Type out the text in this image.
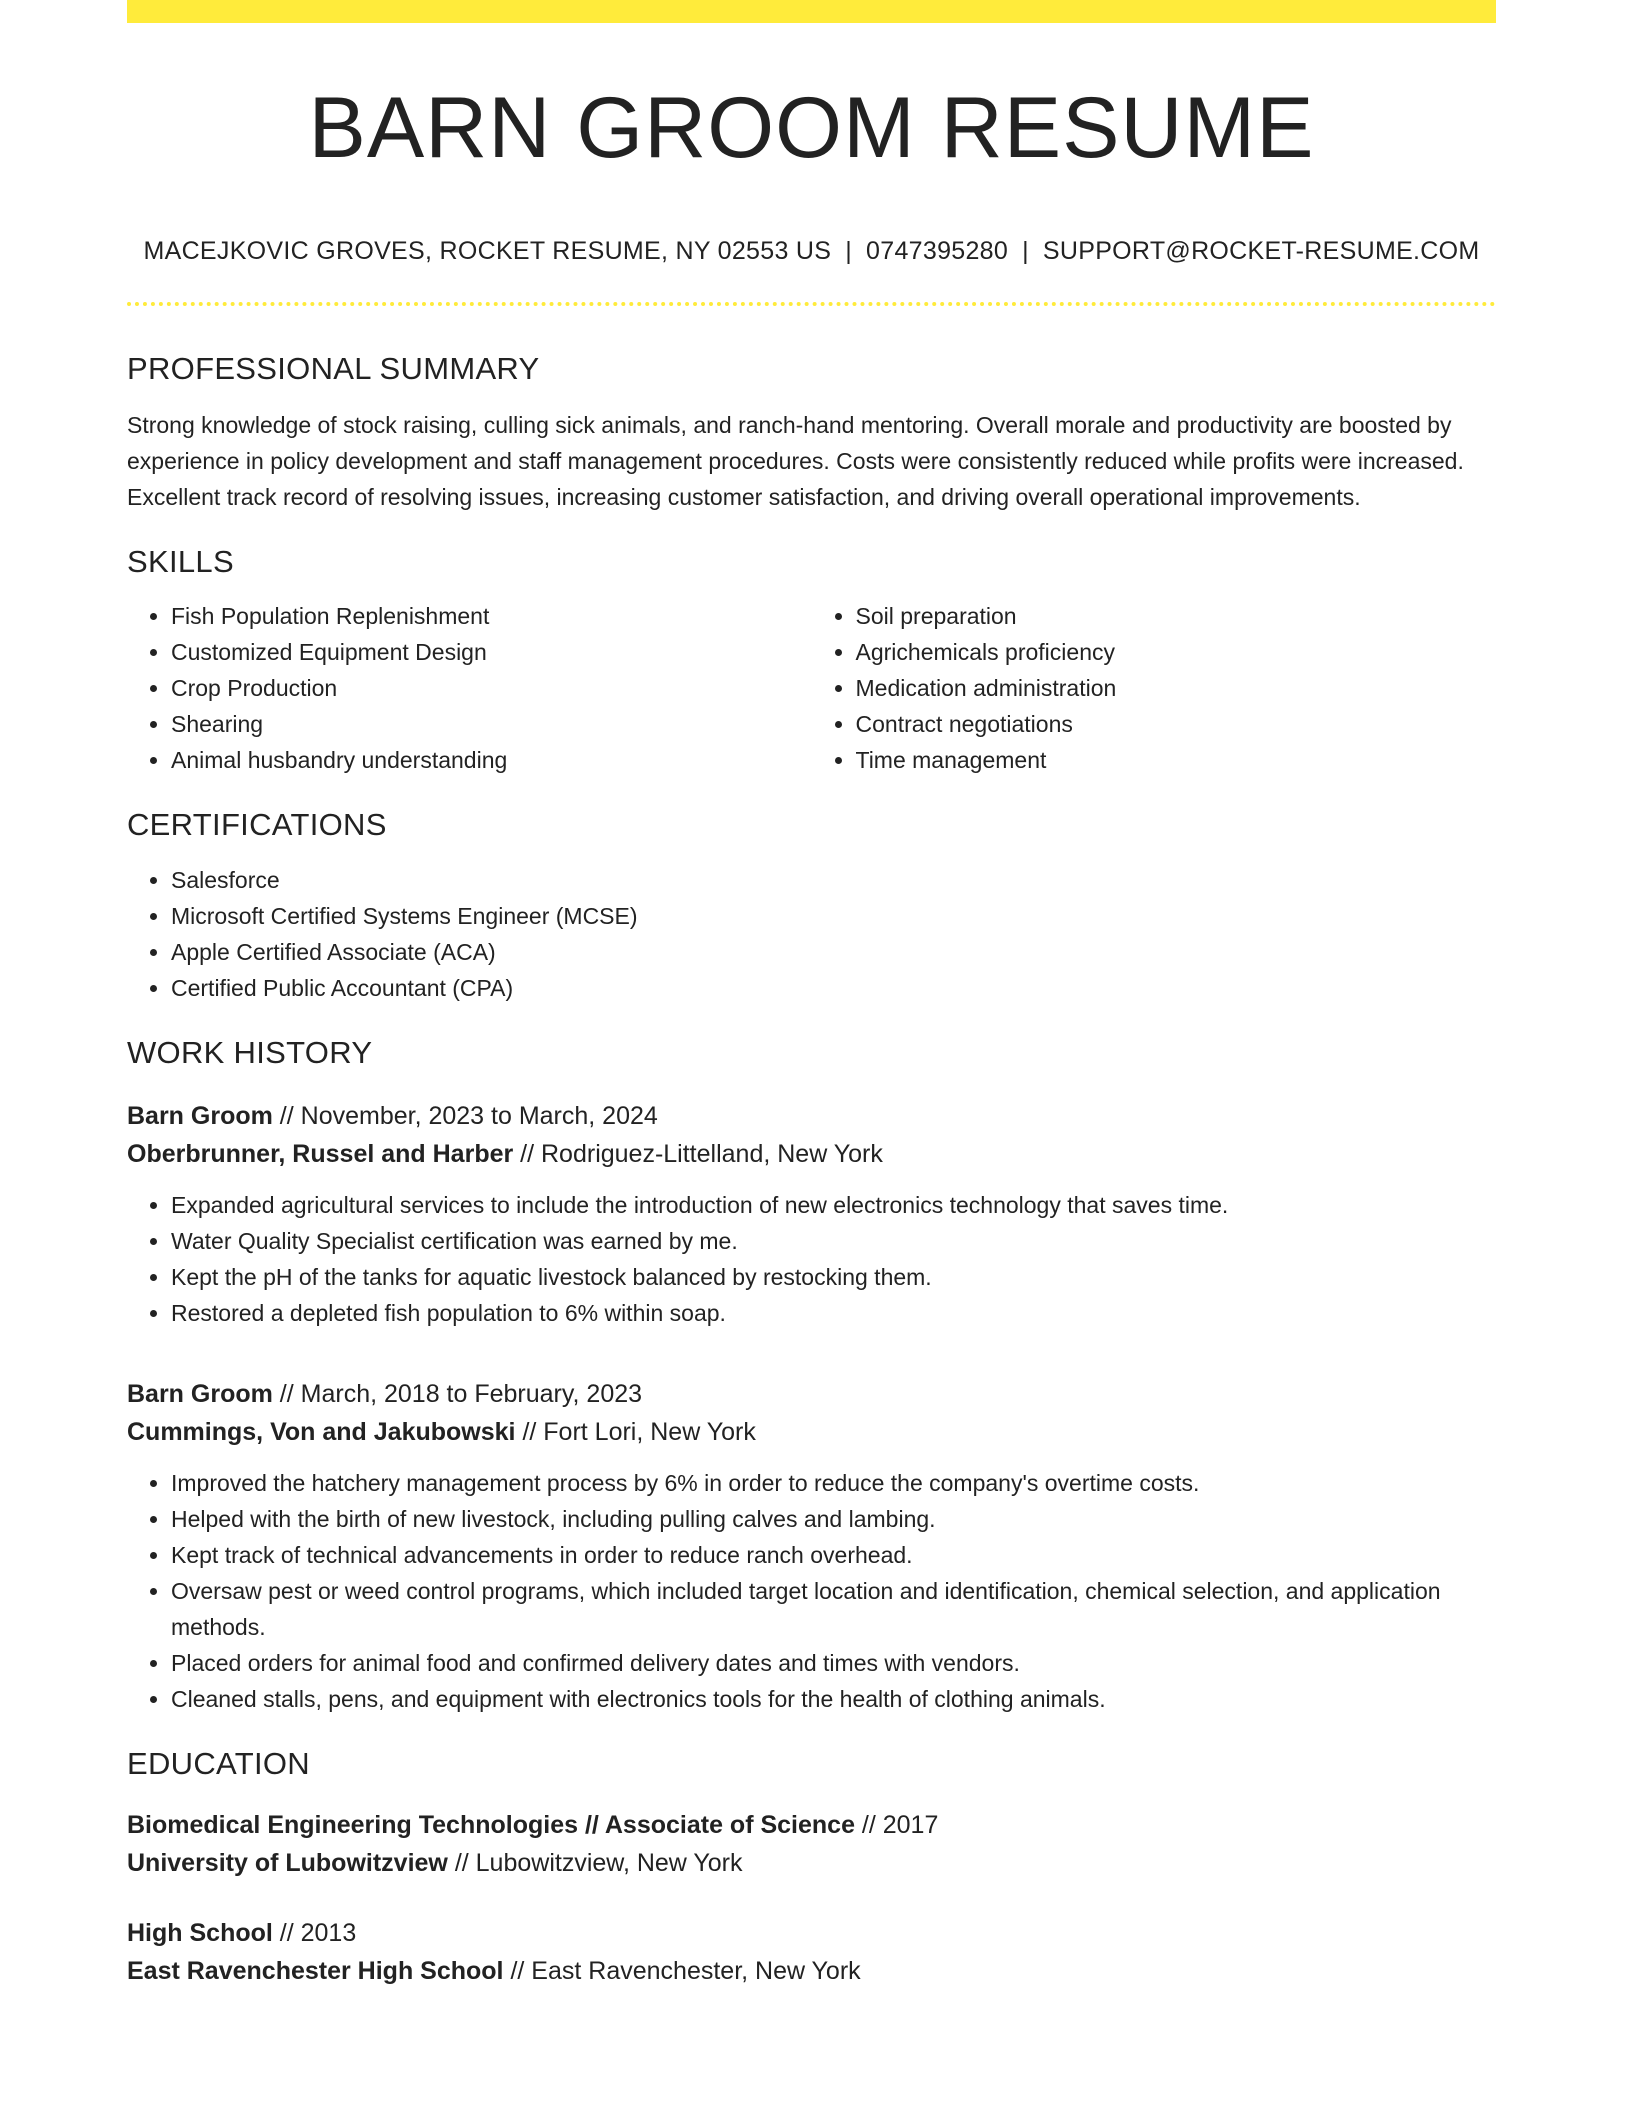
BARN GROOM RESUME
MACEJKOVIC GROVES, ROCKET RESUME, NY 02553 US | 0747395280 | SUPPORT@ROCKET-RESUME.COM
PROFESSIONAL SUMMARY
Strong knowledge of stock raising, culling sick animals, and ranch-hand mentoring. Overall morale and productivity are boosted by experience in policy development and staff management procedures. Costs were consistently reduced while profits were increased. Excellent track record of resolving issues, increasing customer satisfaction, and driving overall operational improvements.
SKILLS
• Fish Population Replenishment
• Customized Equipment Design
• Crop Production
• Shearing
• Animal husbandry understanding
• Soil preparation
• Agrichemicals proficiency
• Medication administration
• Contract negotiations
• Time management
CERTIFICATIONS
• Salesforce
• Microsoft Certified Systems Engineer (MCSE)
• Apple Certified Associate (ACA)
• Certified Public Accountant (CPA)
WORK HISTORY
Barn Groom // November, 2023 to March, 2024
Oberbrunner, Russel and Harber // Rodriguez-Littelland, New York
• Expanded agricultural services to include the introduction of new electronics technology that saves time.
• Water Quality Specialist certification was earned by me.
• Kept the pH of the tanks for aquatic livestock balanced by restocking them.
• Restored a depleted fish population to 6% within soap.
Barn Groom // March, 2018 to February, 2023
Cummings, Von and Jakubowski // Fort Lori, New York
• Improved the hatchery management process by 6% in order to reduce the company's overtime costs.
• Helped with the birth of new livestock, including pulling calves and lambing.
• Kept track of technical advancements in order to reduce ranch overhead.
• Oversaw pest or weed control programs, which included target location and identification, chemical selection, and application methods.
• Placed orders for animal food and confirmed delivery dates and times with vendors.
• Cleaned stalls, pens, and equipment with electronics tools for the health of clothing animals.
EDUCATION
Biomedical Engineering Technologies // Associate of Science // 2017
University of Lubowitzview // Lubowitzview, New York
High School // 2013
East Ravenchester High School // East Ravenchester, New York
